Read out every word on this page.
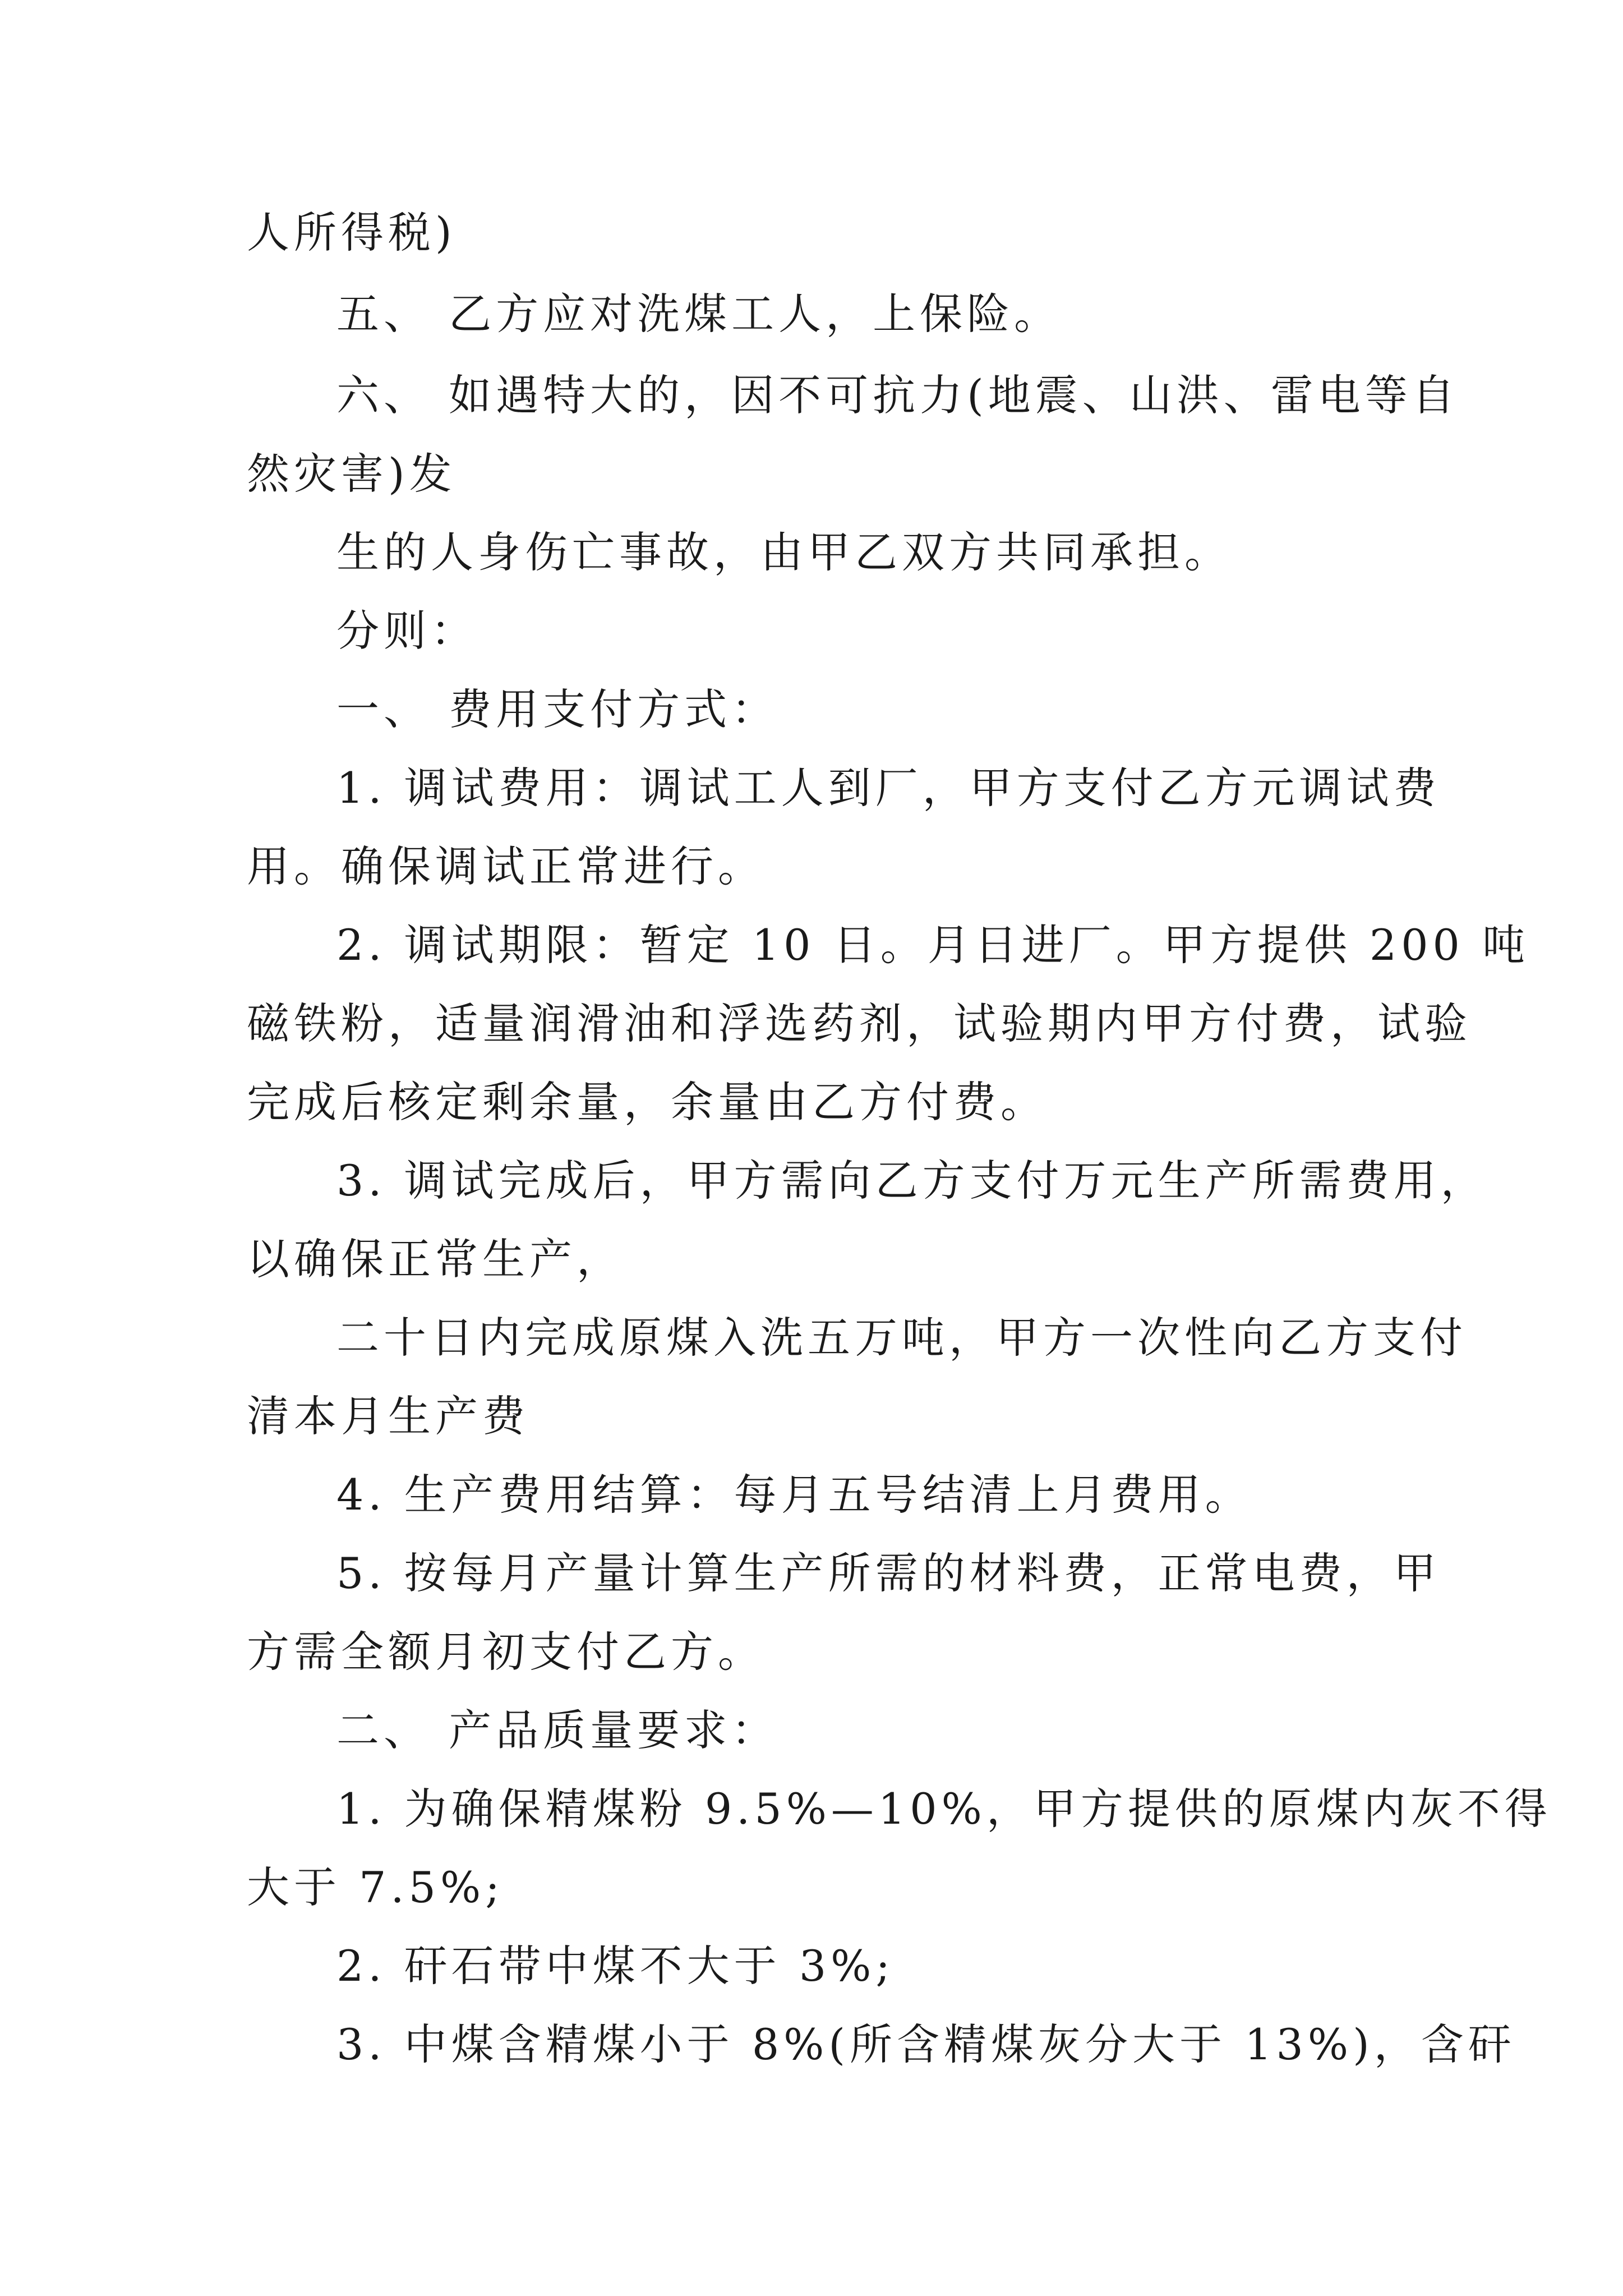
人所得税)
五、 乙方应对洗煤工人，上保险。
六、 如遇特大的，因不可抗力(地震、山洪、雷电等自
然灾害)发
生的人身伤亡事故，由甲乙双方共同承担。
分则：
一、 费用支付方式：
1. 调试费用：调试工人到厂，甲方支付乙方元调试费
用。确保调试正常进行。
2. 调试期限：暂定 10 日。月日进厂。甲方提供 200 吨
磁铁粉，适量润滑油和浮选药剂，试验期内甲方付费，试验
完成后核定剩余量，余量由乙方付费。
3. 调试完成后，甲方需向乙方支付万元生产所需费用，
以确保正常生产，
二十日内完成原煤入洗五万吨，甲方一次性向乙方支付
清本月生产费
4. 生产费用结算：每月五号结清上月费用。
5. 按每月产量计算生产所需的材料费，正常电费，甲
方需全额月初支付乙方。
二、 产品质量要求：
1. 为确保精煤粉 9.5%—10%，甲方提供的原煤内灰不得
大于 7.5%;
2. 矸石带中煤不大于 3%;
3. 中煤含精煤小于 8%(所含精煤灰分大于 13%)，含矸
